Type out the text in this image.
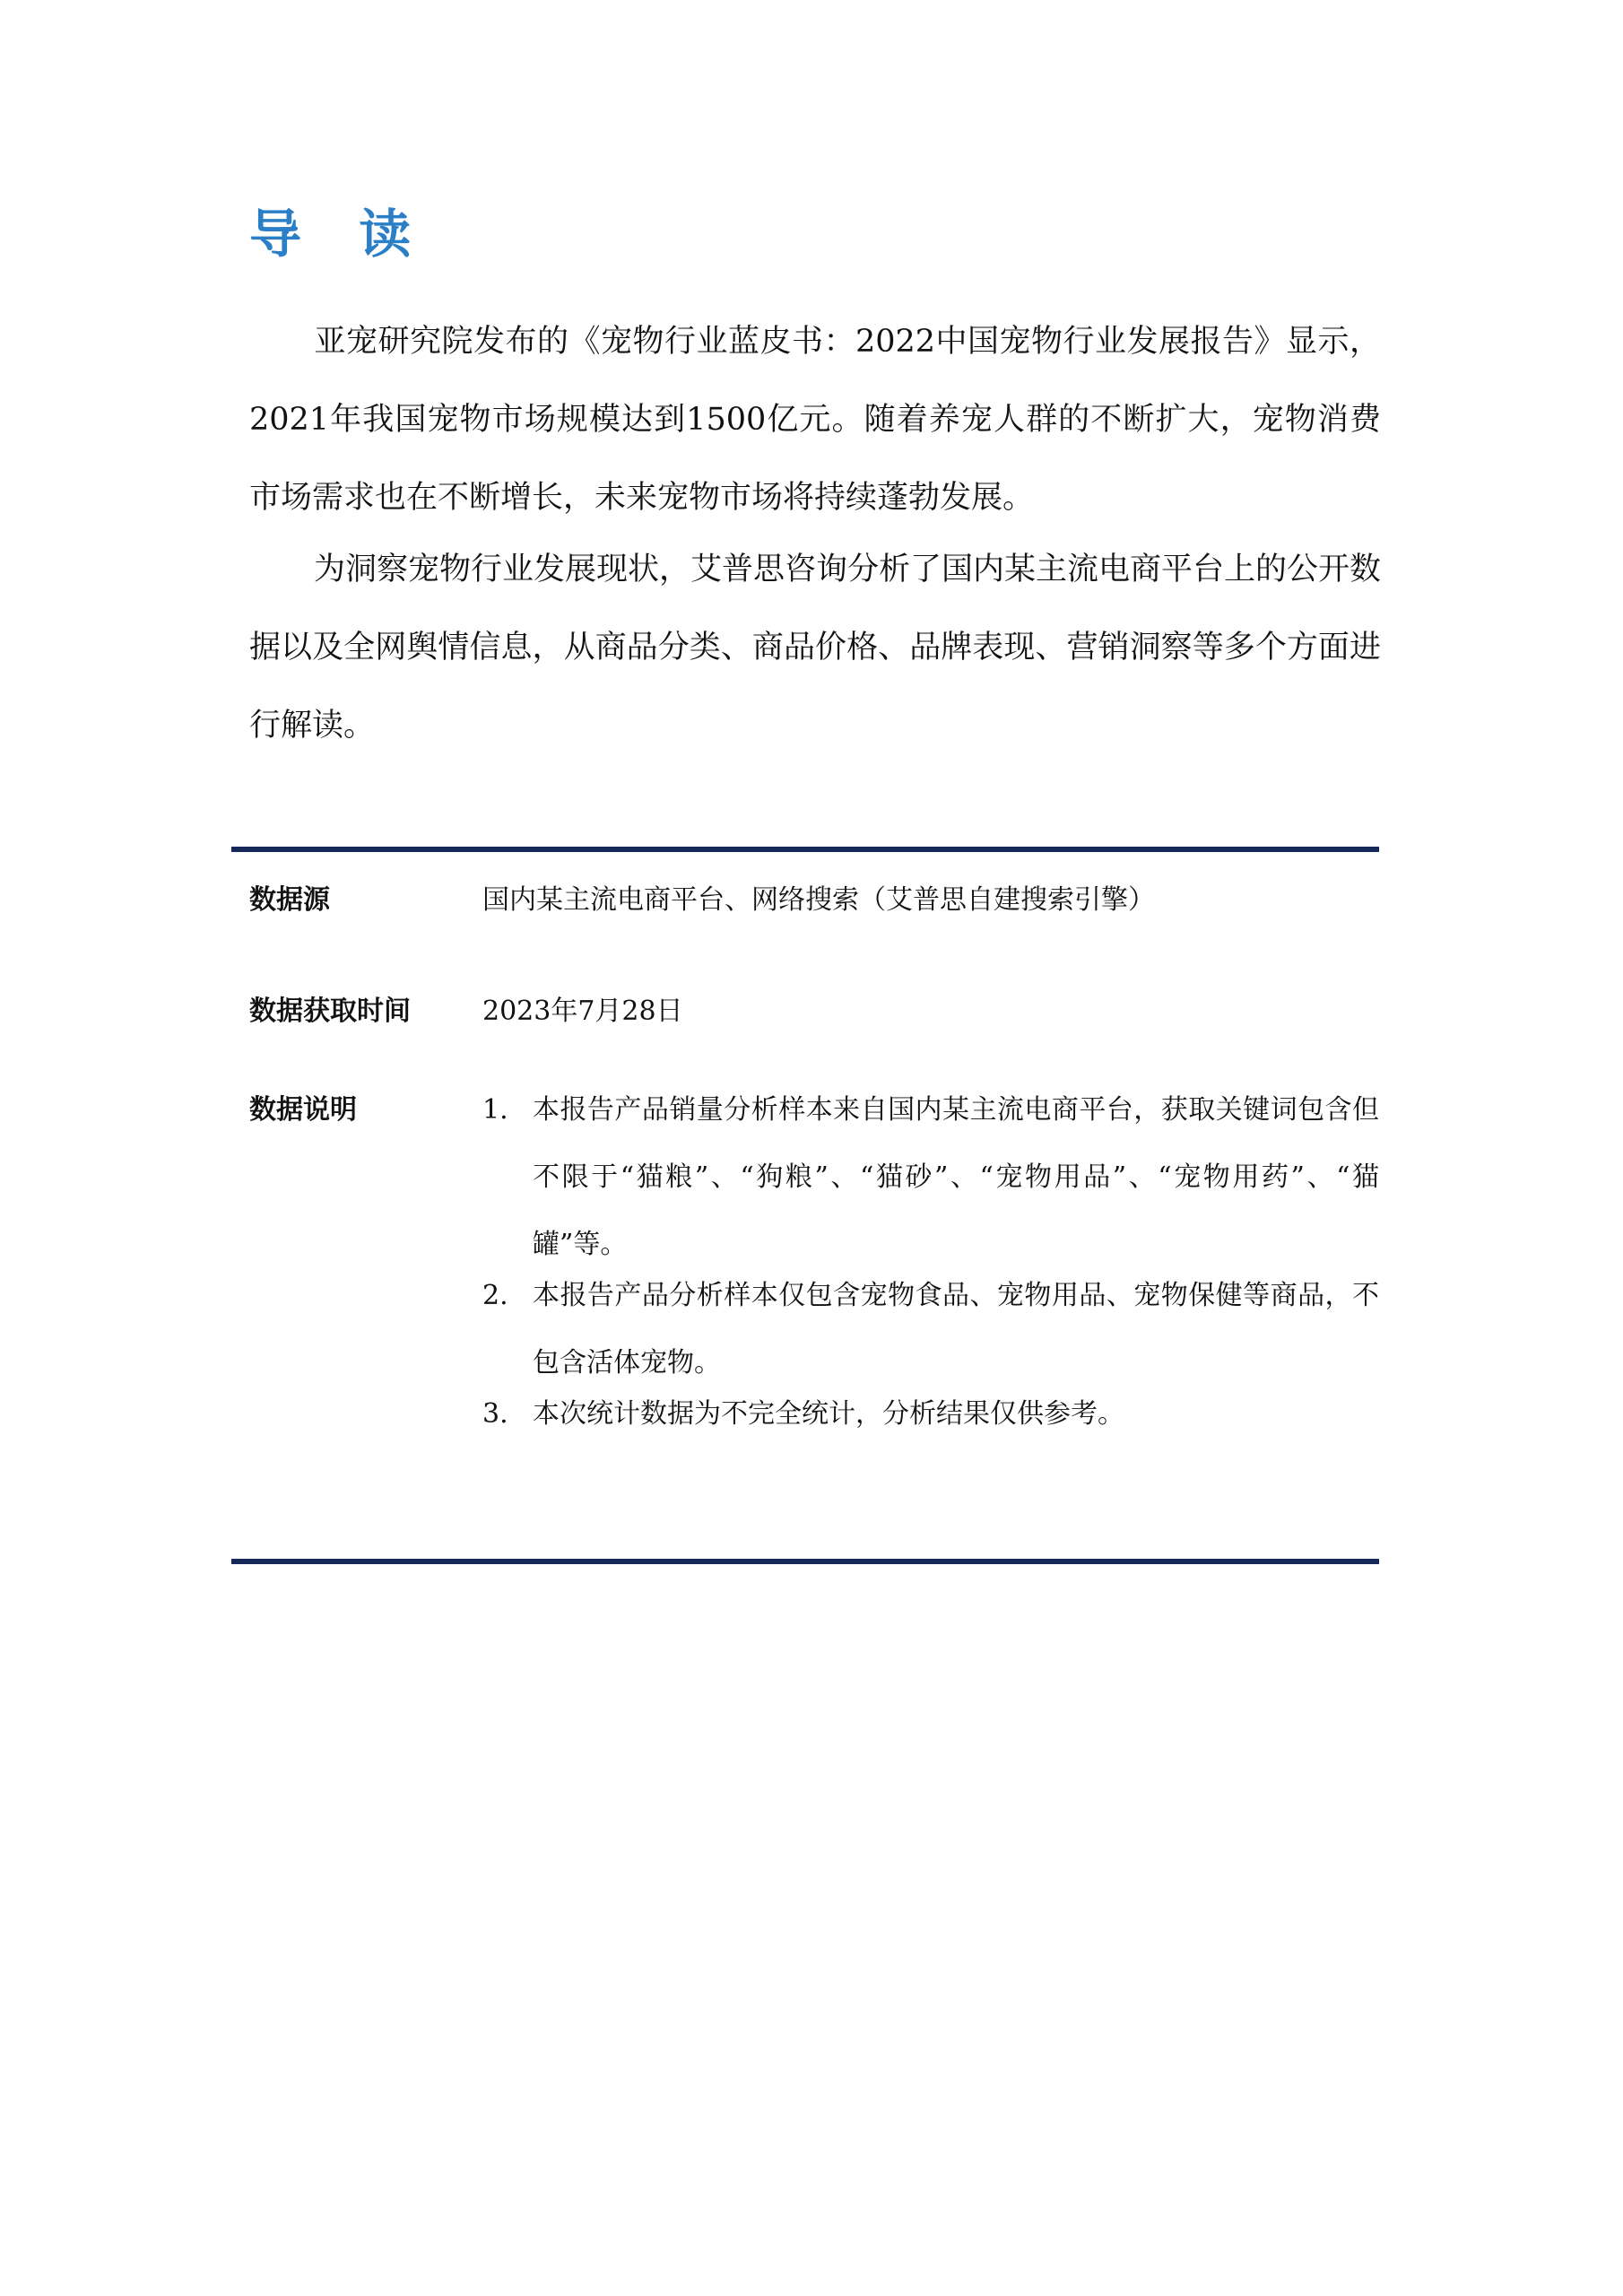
导 读

亚宠研究院发布的《宠物行业蓝皮书：2022中国宠物行业发展报告》显示，2021年我国宠物市场规模达到1500亿元。随着养宠人群的不断扩大，宠物消费市场需求也在不断增长，未来宠物市场将持续蓬勃发展。

为洞察宠物行业发展现状，艾普思咨询分析了国内某主流电商平台上的公开数据以及全网舆情信息，从商品分类、商品价格、品牌表现、营销洞察等多个方面进行解读。

数据源	国内某主流电商平台、网络搜索（艾普思自建搜索引擎）
数据获取时间	2023年7月28日
数据说明	1. 本报告产品销量分析样本来自国内某主流电商平台，获取关键词包含但不限于“猫粮”、“狗粮”、“猫砂”、“宠物用品”、“宠物用药”、“猫罐”等。
2. 本报告产品分析样本仅包含宠物食品、宠物用品、宠物保健等商品，不包含活体宠物。
3. 本次统计数据为不完全统计，分析结果仅供参考。
